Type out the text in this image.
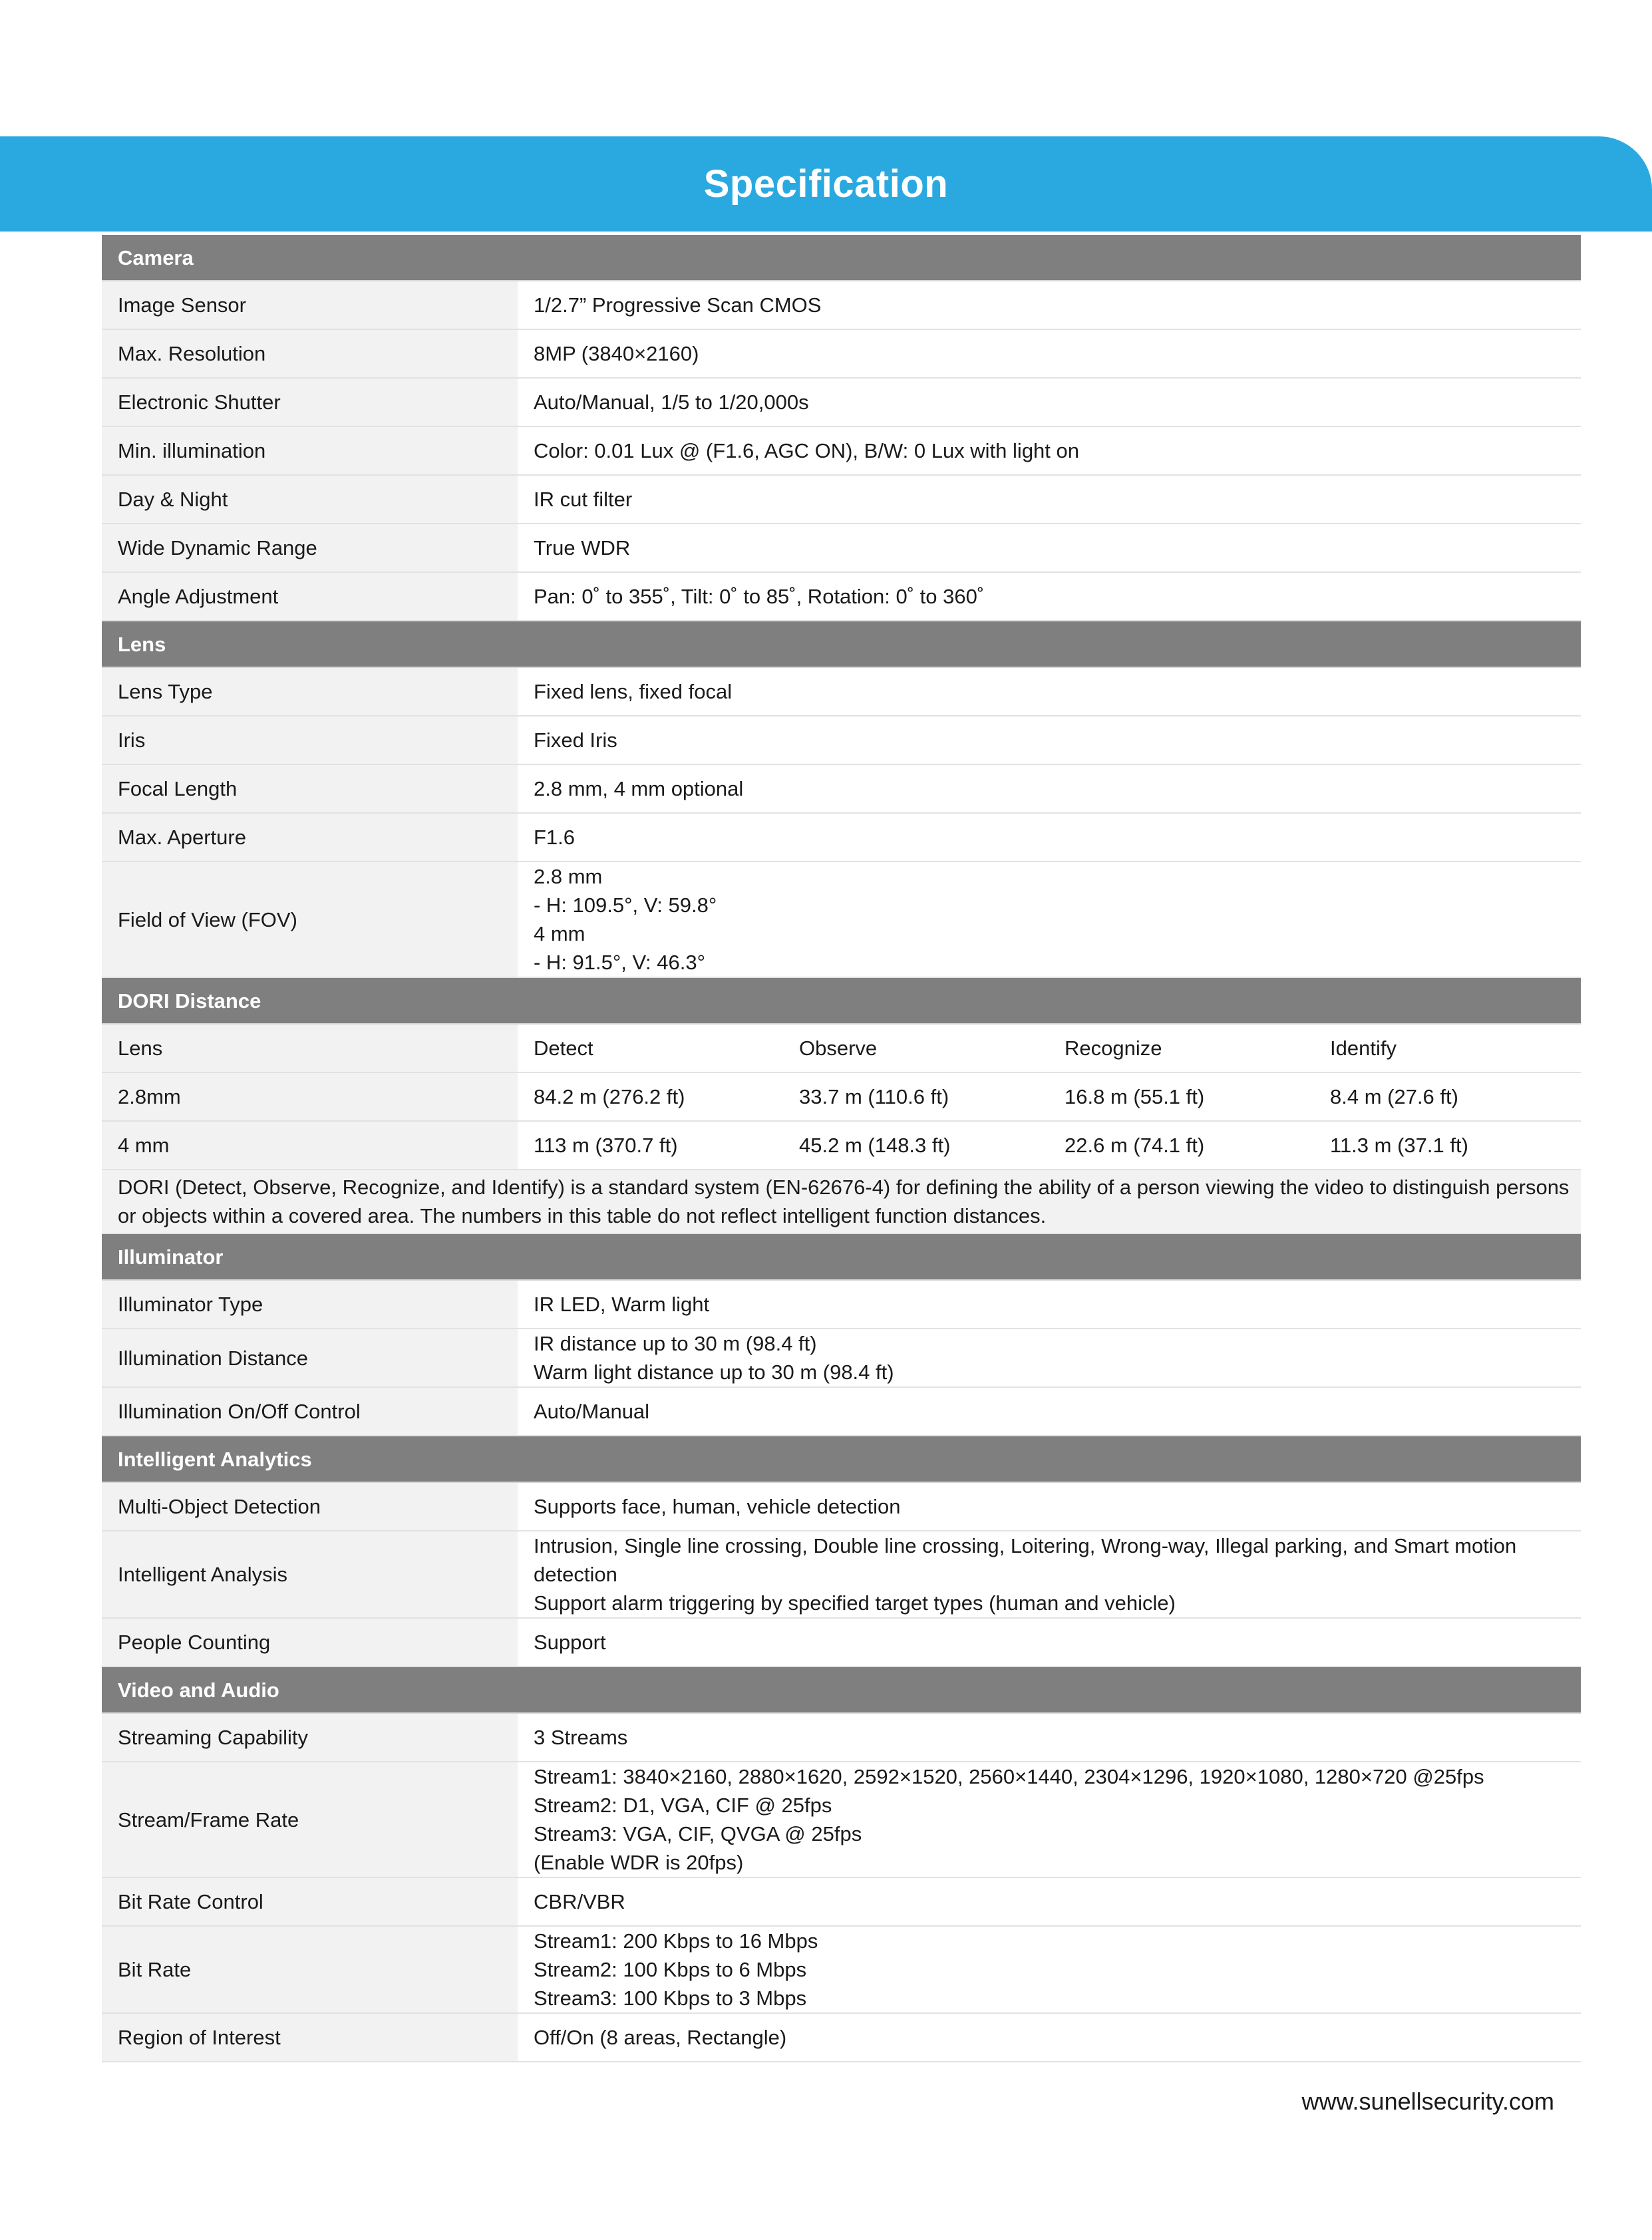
Specification
Camera				
Image Sensor	1/2.7” Progressive Scan CMOS			
Max. Resolution	8MP (3840×2160)			
Electronic Shutter	Auto/Manual, 1/5 to 1/20,000s			
Min. illumination	Color: 0.01 Lux @ (F1.6, AGC ON), B/W: 0 Lux with light on			
Day & Night	IR cut filter			
Wide Dynamic Range	True WDR			
Angle Adjustment	Pan: 0˚ to 355˚, Tilt: 0˚ to 85˚, Rotation: 0˚ to 360˚			
Lens				
Lens Type	Fixed lens, fixed focal			
Iris	Fixed Iris			
Focal Length	2.8 mm, 4 mm optional			
Max. Aperture	F1.6			
Field of View (FOV)	2.8 mm
- H: 109.5°, V: 59.8°
4 mm
- H: 91.5°, V: 46.3°			
DORI Distance				
Lens	Detect	Observe	Recognize	Identify
2.8mm	84.2 m (276.2 ft)	33.7 m (110.6 ft)	16.8 m (55.1 ft)	8.4 m (27.6 ft)
4 mm	113 m (370.7 ft)	45.2 m (148.3 ft)	22.6 m (74.1 ft)	11.3 m (37.1 ft)
DORI (Detect, Observe, Recognize, and Identify) is a standard system (EN-62676-4) for defining the ability of a person viewing the video to distinguish persons or objects within a covered area. The numbers in this table do not reflect intelligent function distances.				
Illuminator				
Illuminator Type	IR LED, Warm light			
Illumination Distance	IR distance up to 30 m (98.4 ft)
Warm light distance up to 30 m (98.4 ft)			
Illumination On/Off Control	Auto/Manual			
Intelligent Analytics				
Multi-Object Detection	Supports face, human, vehicle detection			
Intelligent Analysis	Intrusion, Single line crossing, Double line crossing, Loitering, Wrong-way, Illegal parking, and Smart motion detection
Support alarm triggering by specified target types (human and vehicle)			
People Counting	Support			
Video and Audio				
Streaming Capability	3 Streams			
Stream/Frame Rate	Stream1: 3840×2160, 2880×1620, 2592×1520, 2560×1440, 2304×1296, 1920×1080, 1280×720 @25fps
Stream2: D1, VGA, CIF @ 25fps
Stream3: VGA, CIF, QVGA @ 25fps
(Enable WDR is 20fps)			
Bit Rate Control	CBR/VBR			
Bit Rate	Stream1: 200 Kbps to 16 Mbps
Stream2: 100 Kbps to 6 Mbps
Stream3: 100 Kbps to 3 Mbps			
Region of Interest	Off/On (8 areas, Rectangle)			
www.sunellsecurity.com
